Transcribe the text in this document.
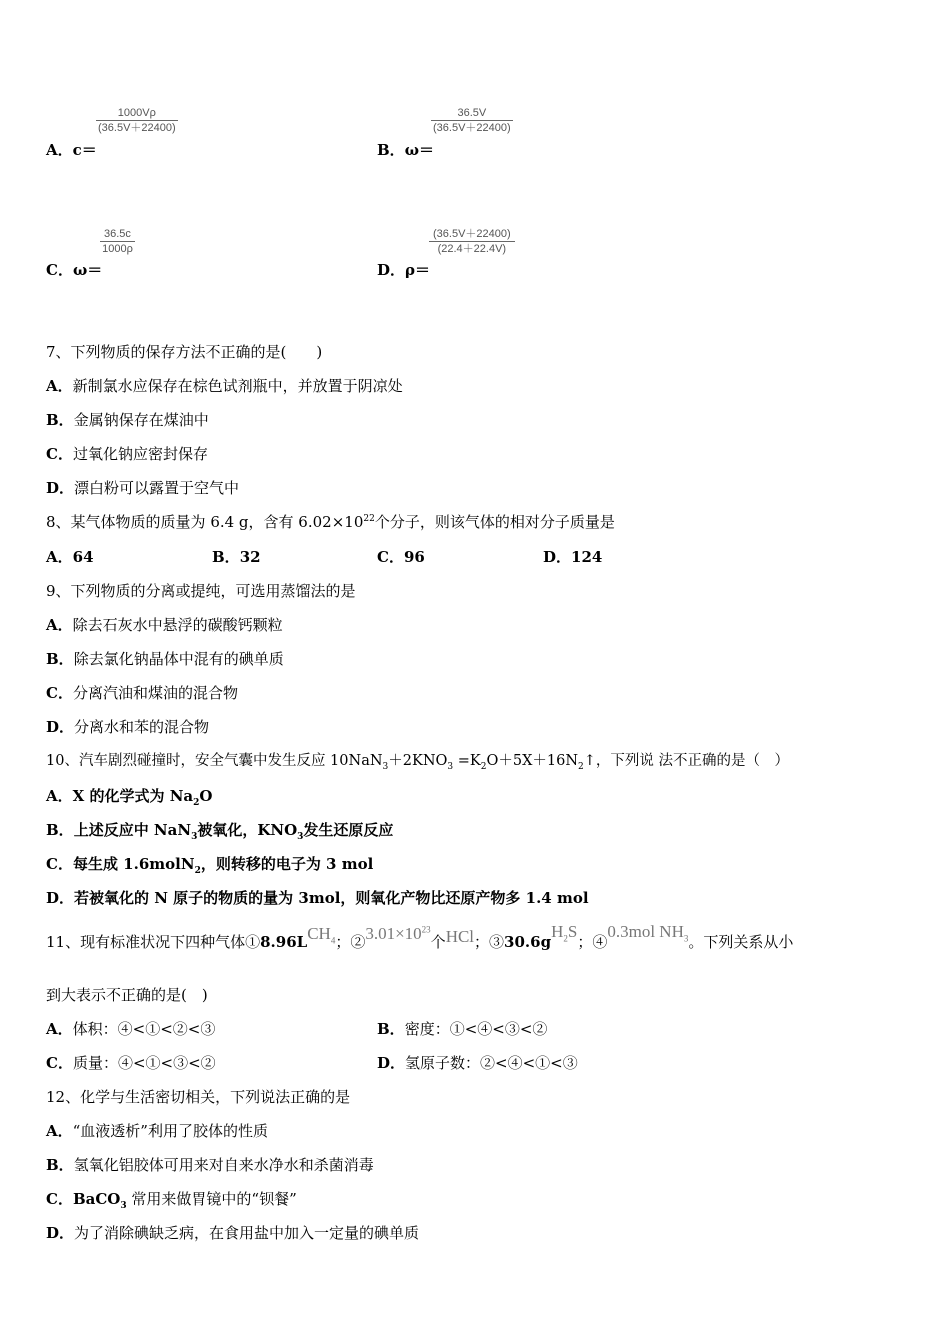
$\frac{1000V\rho}{(36.5V+22400)}$
A．c＝
$\frac{36.5V}{(36.5V+22400)}$
B．ω＝
$\frac{36.5c}{1000\rho}$
C．ω＝
$\frac{(36.5V+22400)}{(22.4+22.4V)}$
D．ρ＝
7、下列物质的保存方法不正确的是(　　)
A．新制氯水应保存在棕色试剂瓶中，并放置于阴凉处
B．金属钠保存在煤油中
C．过氧化钠应密封保存
D．漂白粉可以露置于空气中
8、某气体物质的质量为 6.4 g，含有 $6.02\times 10^{22}$个分子，则该气体的相对分子质量是
A．64	B．32	C．96	D．124
9、下列物质的分离或提纯，可选用蒸馏法的是
A．除去石灰水中悬浮的碳酸钙颗粒
B．除去氯化钠晶体中混有的碘单质
C．分离汽油和煤油的混合物
D．分离水和苯的混合物
10、汽车剧烈碰撞时，安全气囊中发生反应 $10NaN_3+2KNO_3$ $=K_2O+5X+16N_2↑$，下列说 法不正确的是（　）
A．X 的化学式为 $Na_2O$
B．上述反应中 NaN$_3$被氧化，$KNO_3$发生还原反应
C．每生成 1.6molN$_2$，则转移的电子为 3 mol
D．若被氧化的 N 原子的物质的量为 3mol，则氧化产物比还原产物多 1.4 mol
11、现有标准状况下四种气体$①8.96LCH_4$；$②3.01\times 10^{23}$个HCl；$③30.6gH_2S$；④0.3mol $NH_3$。下列关系从小
到大表示不正确的是(　)
A．体积：④<①<②<③	B．密度：①<④<③<②
C．质量：④<①<③<②	D．氢原子数：②<④<①<③
12、化学与生活密切相关，下列说法正确的是
A．“血液透析”利用了胶体的性质
B．氢氧化铝胶体可用来对自来水净水和杀菌消毒
C．BaCO$_3$ 常用来做胃镜中的“钡餐”
D．为了消除碘缺乏病，在食用盐中加入一定量的碘单质
